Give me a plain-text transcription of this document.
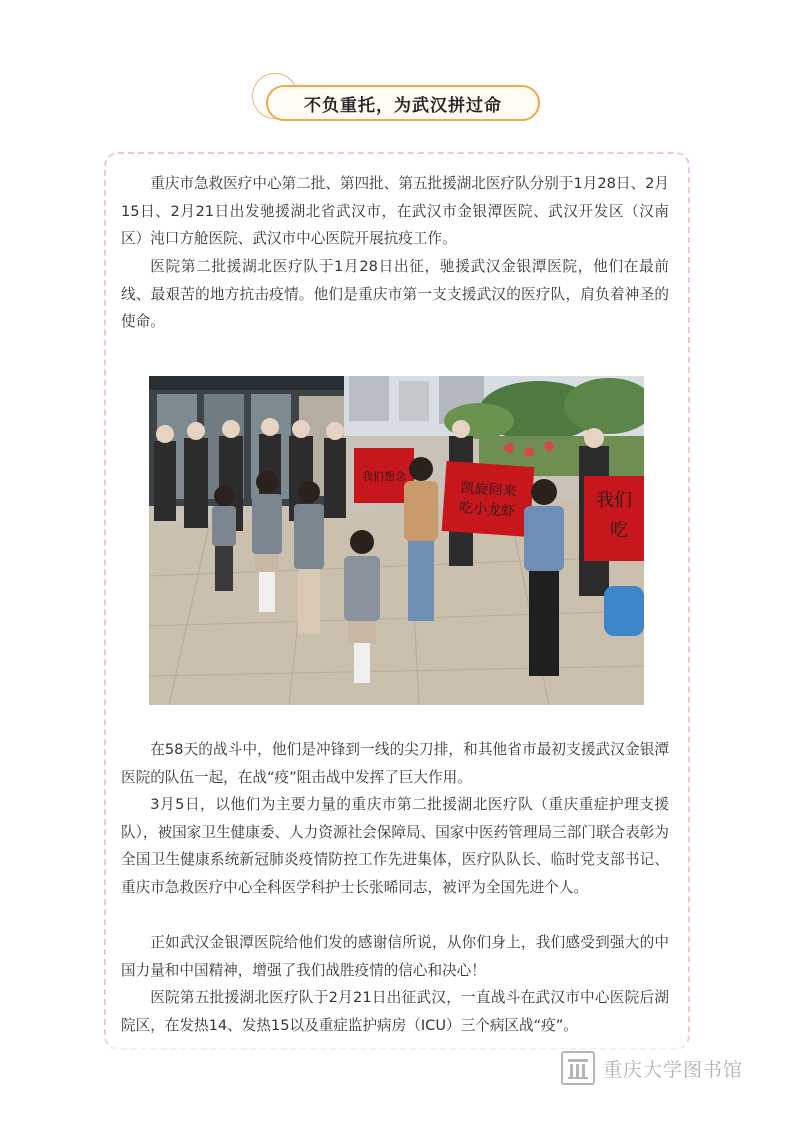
不负重托，为武汉拼过命

重庆市急救医疗中心第二批、第四批、第五批援湖北医疗队分别于1月28日、2月15日、2月21日出发驰援湖北省武汉市，在武汉市金银潭医院、武汉开发区（汉南区）沌口方舱医院、武汉市中心医院开展抗疫工作。

医院第二批援湖北医疗队于1月28日出征，驰援武汉金银潭医院，他们在最前线、最艰苦的地方抗击疫情。他们是重庆市第一支支援武汉的医疗队，肩负着神圣的使命。

我们想念
凯旋回来
吃小龙虾	我们
吃

在58天的战斗中，他们是冲锋到一线的尖刀排，和其他省市最初支援武汉金银潭医院的队伍一起，在战“疫”阻击战中发挥了巨大作用。

3月5日，以他们为主要力量的重庆市第二批援湖北医疗队（重庆重症护理支援队），被国家卫生健康委、人力资源社会保障局、国家中医药管理局三部门联合表彰为全国卫生健康系统新冠肺炎疫情防控工作先进集体，医疗队队长、临时党支部书记、重庆市急救医疗中心全科医学科护士长张晞同志，被评为全国先进个人。

正如武汉金银潭医院给他们发的感谢信所说，从你们身上，我们感受到强大的中国力量和中国精神，增强了我们战胜疫情的信心和决心！

医院第五批援湖北医疗队于2月21日出征武汉，一直战斗在武汉市中心医院后湖院区，在发热14、发热15以及重症监护病房（ICU）三个病区战“疫”。

重庆大学图书馆
